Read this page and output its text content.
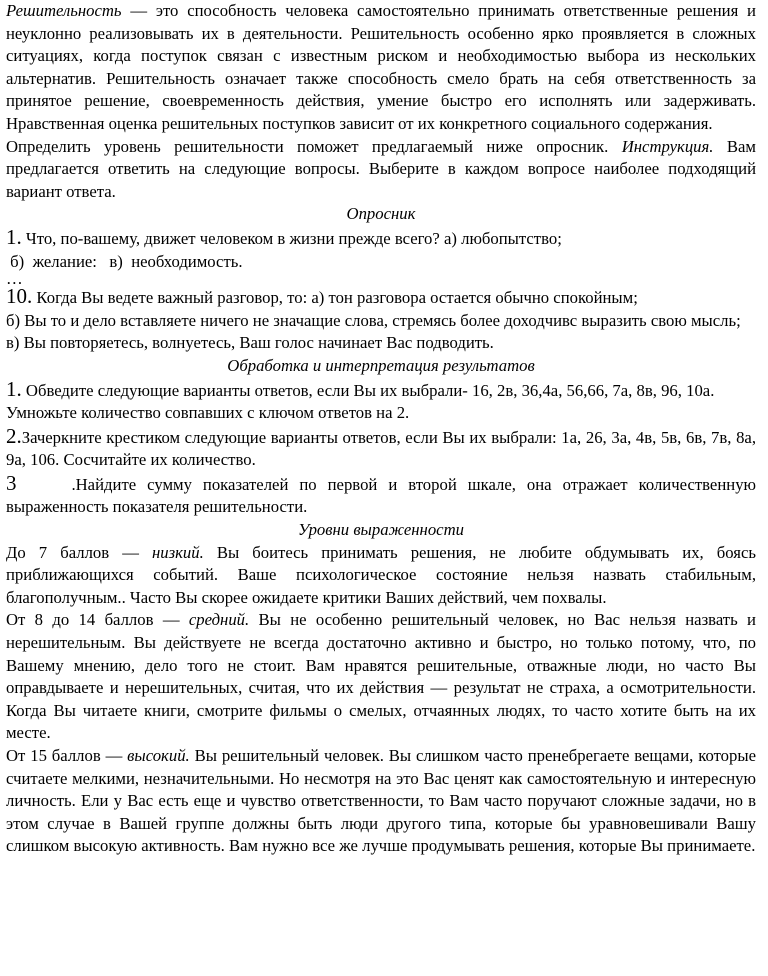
Решительность — это способность человека самостоятельно принимать ответственные решения и неуклонно реализовывать их в деятельности. Решительность особенно ярко проявляется в сложных ситуациях, когда поступок связан с известным риском и необходимостью выбора из нескольких альтернатив. Решительность означает также способность смело брать на себя ответственность за принятое решение, своевременность действия, умение быстро его исполнять или задерживать. Нравственная оценка решительных поступков зависит от их конкретного социального содержания.

Определить уровень решительности поможет предлагаемый ниже опросник. Инструкция. Вам предлагается ответить на следующие вопросы. Выберите в каждом вопросе наиболее подходящий вариант ответа.

Опросник

1. Что, по-вашему, движет человеком в жизни прежде всего? а) любопытство;

б)  желание:   в)  необходимость.

…

10. Когда Вы ведете важный разговор, то: а) тон разговора остается обычно спокойным;

б) Вы то и дело вставляете ничего не значащие слова, стремясь более доходчивс выразить свою мысль;

в) Вы повторяетесь, волнуетесь, Ваш голос начинает Вас подводить.

Обработка и интерпретация результатов

1. Обведите следующие варианты ответов, если Вы их выбрали- 16, 2в, 36,4а, 56,66, 7а, 8в, 96, 10а.

Умножьте количество совпавших с ключом ответов на 2.

2.Зачеркните крестиком следующие варианты ответов, если Вы их выбрали: 1а, 26, 3а, 4в, 5в, 6в, 7в, 8а, 9а, 106. Сосчитайте их количество.

3     .Найдите сумму показателей по первой и второй шкале, она отражает количественную выраженность показателя решительности.

Уровни выраженности

До 7 баллов — низкий. Вы боитесь принимать решения, не любите обдумывать их, боясь приближающихся событий. Ваше психологическое состояние нельзя назвать стабильным, благополучным.. Часто Вы скорее ожидаете критики Ваших действий, чем похвалы.

От 8 до 14 баллов — средний. Вы не особенно решительный человек, но Вас нельзя назвать и нерешительным. Вы действуете не всегда достаточно активно и быстро, но только потому, что, по Вашему мнению, дело того не стоит. Вам нравятся решительные, отважные люди, но часто Вы оправдываете и нерешительных, считая, что их действия — результат не страха, а осмотрительности. Когда Вы читаете книги, смотрите фильмы о смелых, отчаянных людях, то часто хотите быть на их месте.

От 15 баллов — высокий. Вы решительный человек. Вы слишком часто пренебрегаете вещами, которые считаете мелкими, незначительными. Но несмотря на это Вас ценят как самостоятельную и интересную личность. Ели у Вас есть еще и чувство ответственности, то Вам часто поручают сложные задачи, но в этом случае в Вашей группе должны быть люди другого типа, которые бы уравновешивали Вашу слишком высокую активность. Вам нужно все же лучше продумывать решения, которые Вы принимаете.
